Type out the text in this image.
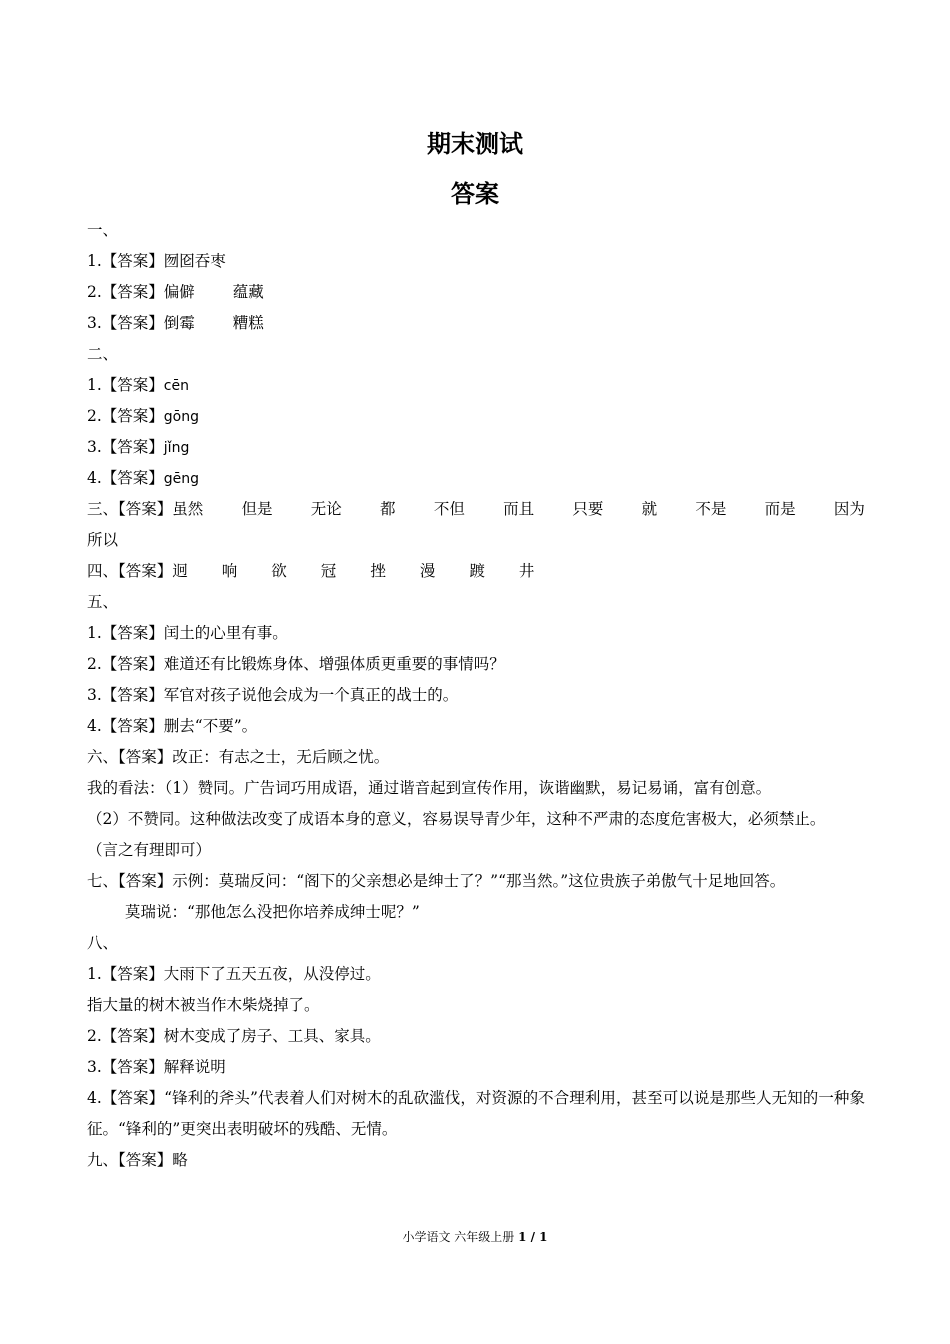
期末测试
答案
一、
1.【答案】囫囵吞枣
2.【答案】偏僻 蕴藏
3.【答案】倒霉 糟糕
二、
1.【答案】cēn
2.【答案】gōng
3.【答案】jǐng
4.【答案】gēng
三、【答案】虽然 但是 无论 都 不但 而且 只要 就 不是 而是 因为
所以
四、【答案】迥 响 欲 冠 挫 漫 踱 井
五、
1.【答案】闰土的心里有事。
2.【答案】难道还有比锻炼身体、增强体质更重要的事情吗？
3.【答案】军官对孩子说他会成为一个真正的战士的。
4.【答案】删去“不要”。
六、【答案】改正：有志之士，无后顾之忧。
我的看法：（1）赞同。广告词巧用成语，通过谐音起到宣传作用，诙谐幽默，易记易诵，富有创意。
（2）不赞同。这种做法改变了成语本身的意义，容易误导青少年，这种不严肃的态度危害极大，必须禁止。
（言之有理即可）
七、【答案】示例：莫瑞反问：“阁下的父亲想必是绅士了？”“那当然。”这位贵族子弟傲气十足地回答。
莫瑞说：“那他怎么没把你培养成绅士呢？”
八、
1.【答案】大雨下了五天五夜，从没停过。
指大量的树木被当作木柴烧掉了。
2.【答案】树木变成了房子、工具、家具。
3.【答案】解释说明
4.【答案】“锋利的斧头”代表着人们对树木的乱砍滥伐，对资源的不合理利用，甚至可以说是那些人无知的一种象征。“锋利的”更突出表明破坏的残酷、无情。
九、【答案】略
小学语文 六年级上册 1 / 1
